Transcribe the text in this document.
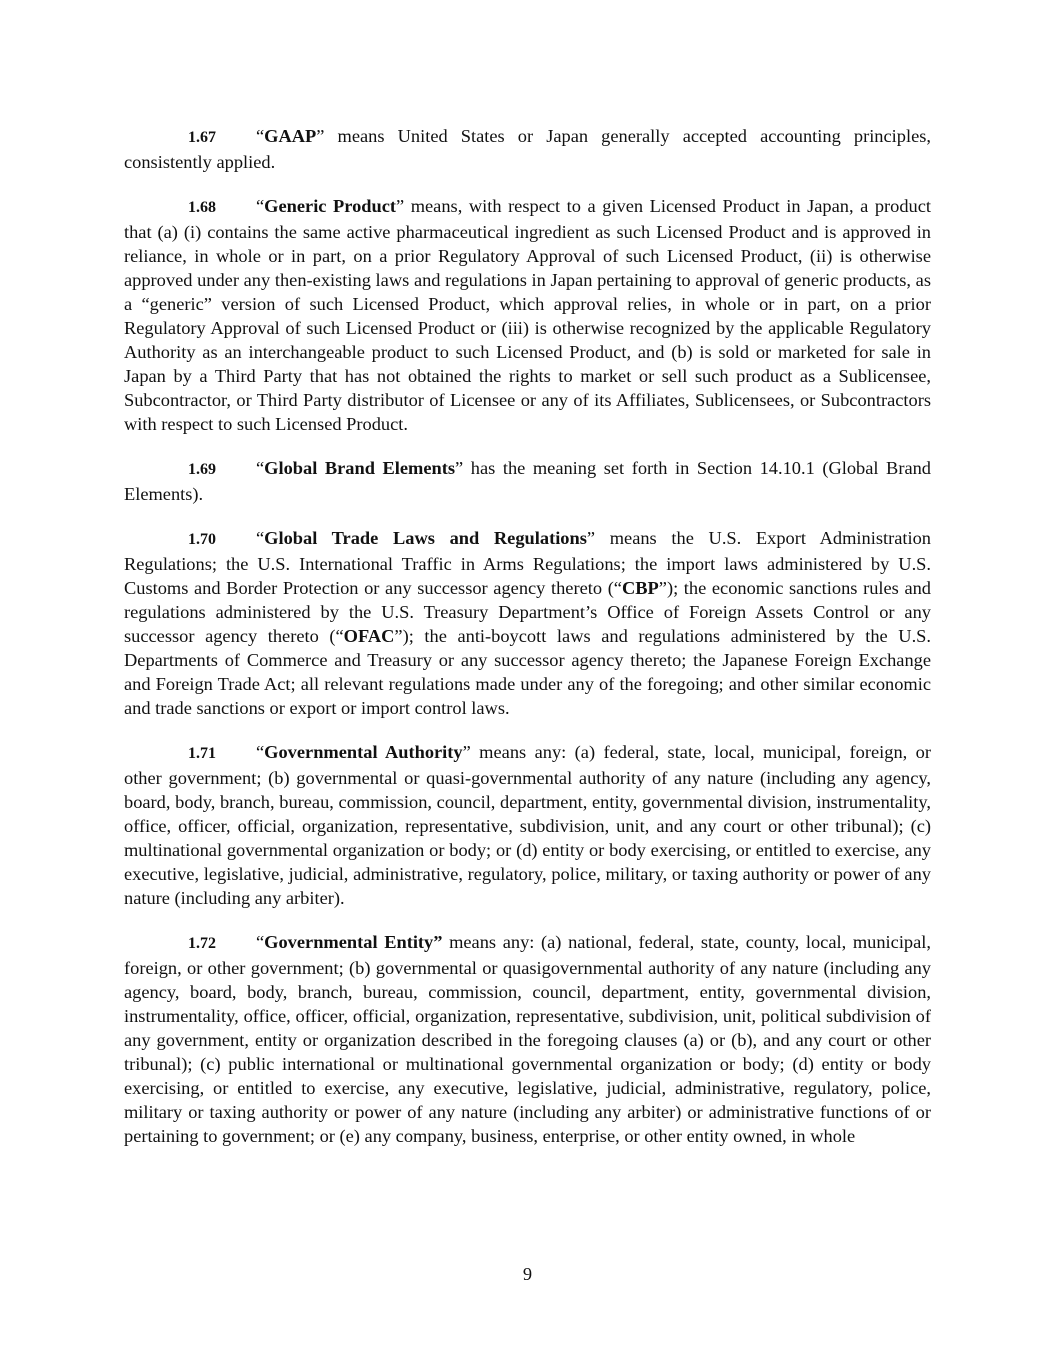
1.67 “GAAP” means United States or Japan generally accepted accounting principles, consistently applied.

1.68 “Generic Product” means, with respect to a given Licensed Product in Japan, a product that (a) (i) contains the same active pharmaceutical ingredient as such Licensed Product and is approved in reliance, in whole or in part, on a prior Regulatory Approval of such Licensed Product, (ii) is otherwise approved under any then-existing laws and regulations in Japan pertaining to approval of generic products, as a “generic” version of such Licensed Product, which approval relies, in whole or in part, on a prior Regulatory Approval of such Licensed Product or (iii) is otherwise recognized by the applicable Regulatory Authority as an interchangeable product to such Licensed Product, and (b) is sold or marketed for sale in Japan by a Third Party that has not obtained the rights to market or sell such product as a Sublicensee, Subcontractor, or Third Party distributor of Licensee or any of its Affiliates, Sublicensees, or Subcontractors with respect to such Licensed Product.

1.69 “Global Brand Elements” has the meaning set forth in Section 14.10.1 (Global Brand Elements).

1.70 “Global Trade Laws and Regulations” means the U.S. Export Administration Regulations; the U.S. International Traffic in Arms Regulations; the import laws administered by U.S. Customs and Border Protection or any successor agency thereto (“CBP”); the economic sanctions rules and regulations administered by the U.S. Treasury Department’s Office of Foreign Assets Control or any successor agency thereto (“OFAC”); the anti-boycott laws and regulations administered by the U.S. Departments of Commerce and Treasury or any successor agency thereto; the Japanese Foreign Exchange and Foreign Trade Act; all relevant regulations made under any of the foregoing; and other similar economic and trade sanctions or export or import control laws.

1.71 “Governmental Authority” means any: (a) federal, state, local, municipal, foreign, or other government; (b) governmental or quasi-governmental authority of any nature (including any agency, board, body, branch, bureau, commission, council, department, entity, governmental division, instrumentality, office, officer, official, organization, representative, subdivision, unit, and any court or other tribunal); (c) multinational governmental organization or body; or (d) entity or body exercising, or entitled to exercise, any executive, legislative, judicial, administrative, regulatory, police, military, or taxing authority or power of any nature (including any arbiter).

1.72 “Governmental Entity” means any: (a) national, federal, state, county, local, municipal, foreign, or other government; (b) governmental or quasigovernmental authority of any nature (including any agency, board, body, branch, bureau, commission, council, department, entity, governmental division, instrumentality, office, officer, official, organization, representative, subdivision, unit, political subdivision of any government, entity or organization described in the foregoing clauses (a) or (b), and any court or other tribunal); (c) public international or multinational governmental organization or body; (d) entity or body exercising, or entitled to exercise, any executive, legislative, judicial, administrative, regulatory, police, military or taxing authority or power of any nature (including any arbiter) or administrative functions of or pertaining to government; or (e) any company, business, enterprise, or other entity owned, in whole

9
